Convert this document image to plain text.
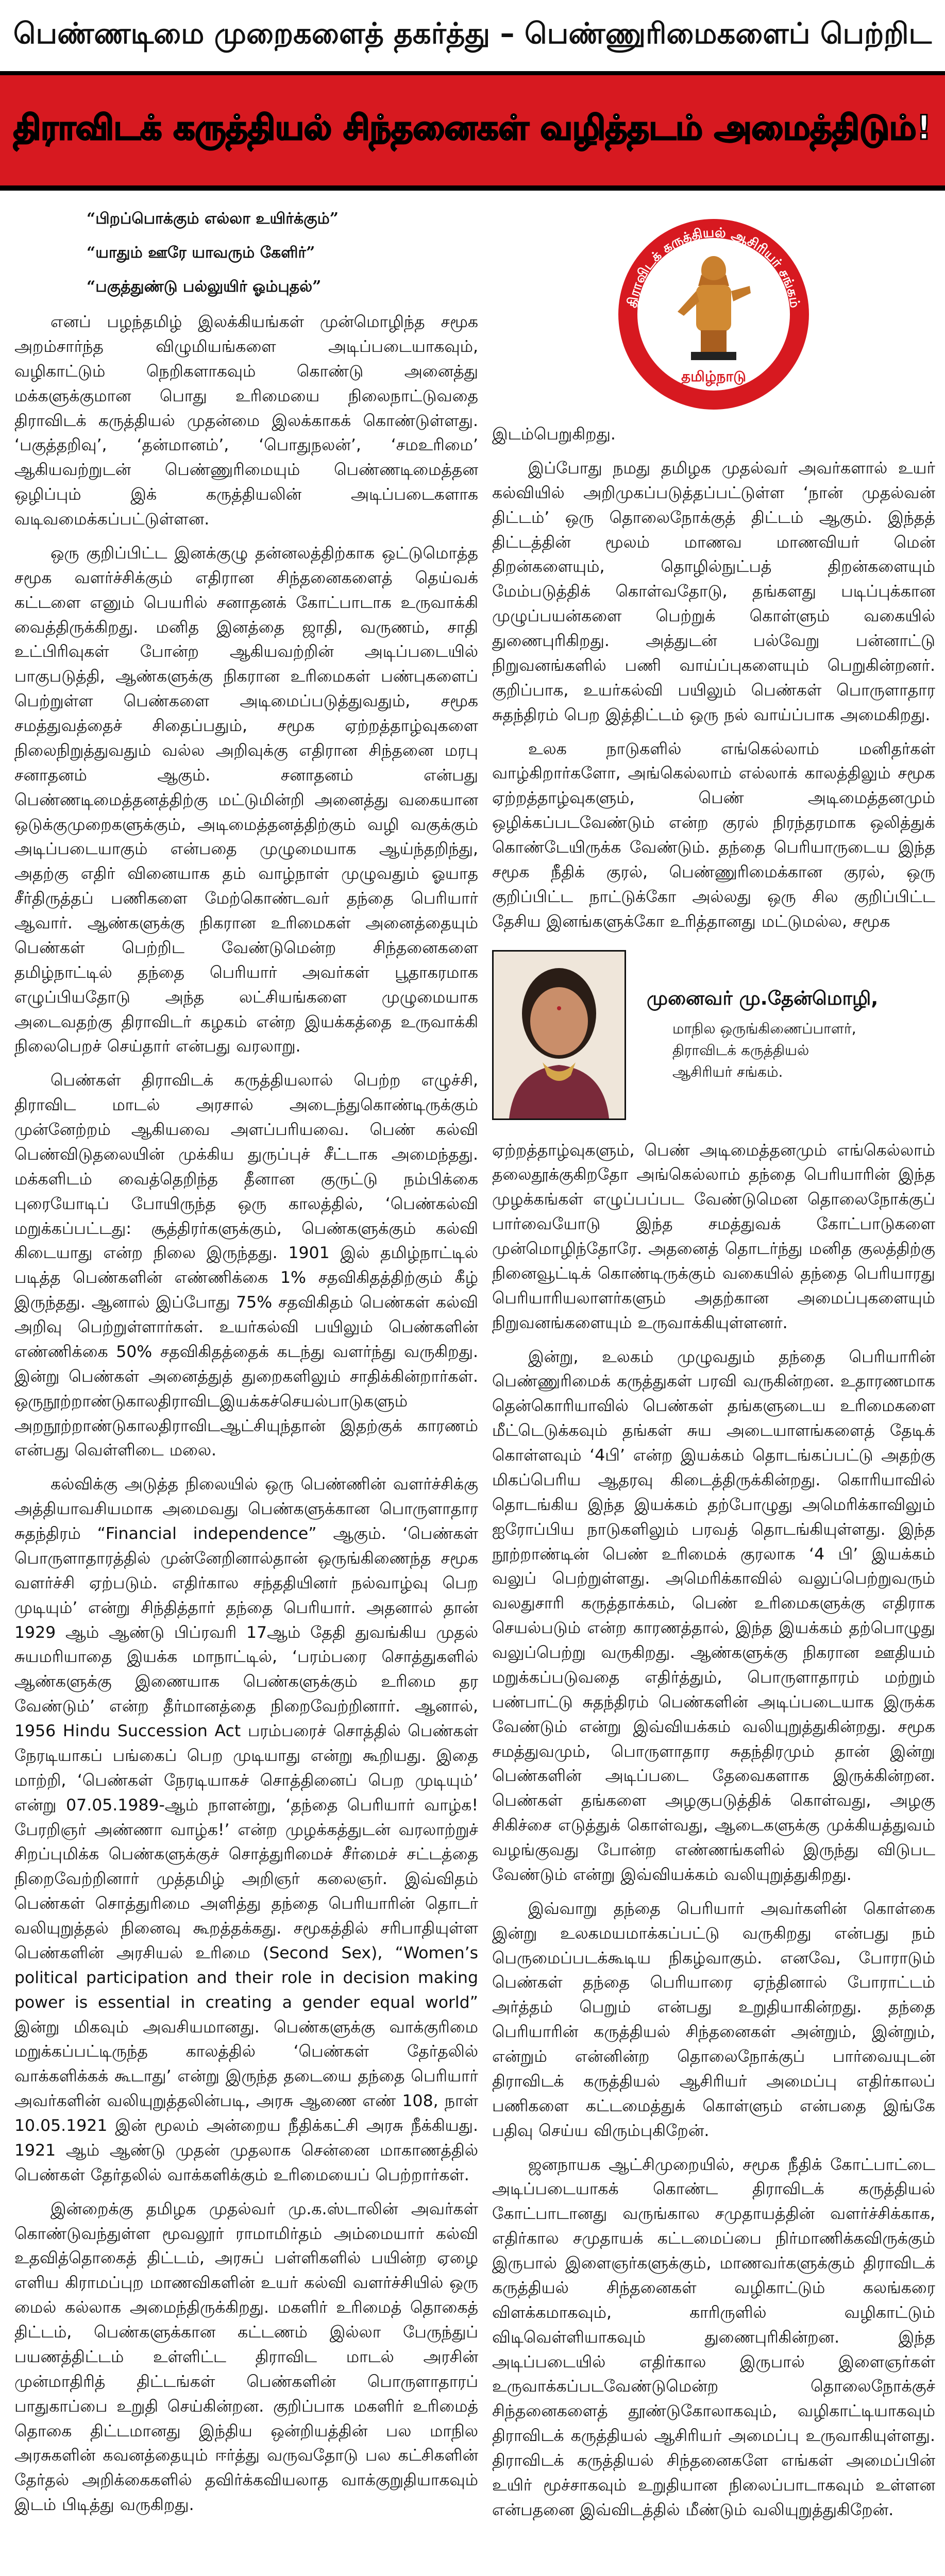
பெண்ணடிமை முறைகளைத் தகர்த்து – பெண்ணுரிமைகளைப் பெற்றிட
திராவிடக் கருத்தியல் சிந்தனைகள் வழித்தடம் அமைத்திடும்!
“பிறப்பொக்கும் எல்லா உயிர்க்கும்”
“யாதும் ஊரே யாவரும் கேளிர்”
“பகுத்துண்டு பல்லுயிர் ஓம்புதல்”

எனப் பழந்தமிழ் இலக்கியங்கள் முன்மொழிந்த சமூக அறம்சார்ந்த விழுமியங்களை அடிப்படையாகவும், வழிகாட்டும் நெறிகளாகவும் கொண்டு அனைத்து மக்களுக்குமான பொது உரிமையை நிலைநாட்டுவதை திராவிடக் கருத்தியல் முதன்மை இலக்காகக் கொண்டுள்ளது. ‘பகுத்தறிவு’, ‘தன்மானம்’, ‘பொதுநலன்’, ‘சமஉரிமை’ ஆகியவற்றுடன் பெண்ணுரிமையும் பெண்ணடிமைத்தன ஒழிப்பும் இக் கருத்தியலின் அடிப்படைகளாக வடிவமைக்கப்பட்டுள்ளன.

ஒரு குறிப்பிட்ட இனக்குழு தன்னலத்திற்காக ஒட்டுமொத்த சமூக வளர்ச்சிக்கும் எதிரான சிந்தனைகளைத் தெய்வக் கட்டளை எனும் பெயரில் சனாதனக் கோட்பாடாக உருவாக்கி வைத்திருக்கிறது. மனித இனத்தை ஜாதி, வருணம், சாதி உட்பிரிவுகள் போன்ற ஆகியவற்றின் அடிப்படையில் பாகுபடுத்தி, ஆண்களுக்கு நிகரான உரிமைகள் பண்புகளைப் பெற்றுள்ள பெண்களை அடிமைப்படுத்துவதும், சமூக சமத்துவத்தைச் சிதைப்பதும், சமூக ஏற்றத்தாழ்வுகளை நிலைநிறுத்துவதும் வல்ல அறிவுக்கு எதிரான சிந்தனை மரபு சனாதனம் ஆகும். சனாதனம் என்பது பெண்ணடிமைத்தனத்திற்கு மட்டுமின்றி அனைத்து வகையான ஒடுக்குமுறைகளுக்கும், அடிமைத்தனத்திற்கும் வழி வகுக்கும் அடிப்படையாகும் என்பதை முழுமையாக ஆய்ந்தறிந்து, அதற்கு எதிர் வினையாக தம் வாழ்நாள் முழுவதும் ஓயாத சீர்திருத்தப் பணிகளை மேற்கொண்டவர் தந்தை பெரியார் ஆவார். ஆண்களுக்கு நிகரான உரிமைகள் அனைத்தையும் பெண்கள் பெற்றிட வேண்டுமென்ற சிந்தனைகளை தமிழ்நாட்டில் தந்தை பெரியார் அவர்கள் பூதாகரமாக எழுப்பியதோடு அந்த லட்சியங்களை முழுமையாக அடைவதற்கு திராவிடர் கழகம் என்ற இயக்கத்தை உருவாக்கி நிலைபெறச் செய்தார் என்பது வரலாறு.

பெண்கள் திராவிடக் கருத்தியலால் பெற்ற எழுச்சி, திராவிட மாடல் அரசால் அடைந்துகொண்டிருக்கும் முன்னேற்றம் ஆகியவை அளப்பரியவை. பெண் கல்வி பெண்விடுதலையின் முக்கிய துருப்புச் சீட்டாக அமைந்தது. மக்களிடம் வைத்தெறிந்த தீனான குருட்டு நம்பிக்கை புரையோடிப் போயிருந்த ஒரு காலத்தில், ‘பெண்கல்வி மறுக்கப்பட்டது: சூத்திரர்களுக்கும், பெண்களுக்கும் கல்வி கிடையாது என்ற நிலை இருந்தது. 1901 இல் தமிழ்நாட்டில் படித்த பெண்களின் எண்ணிக்கை 1% சதவிகிதத்திற்கும் கீழ் இருந்தது. ஆனால் இப்போது 75% சதவிகிதம் பெண்கள் கல்வி அறிவு பெற்றுள்ளார்கள். உயர்கல்வி பயிலும் பெண்களின் எண்ணிக்கை 50% சதவிகிதத்தைக் கடந்து வளர்ந்து வருகிறது. இன்று பெண்கள் அனைத்துத் துறைகளிலும் சாதிக்கின்றார்கள். ஒருநூற்றாண்டுகாலதிராவிடஇயக்கச்செயல்பாடுகளும் அறநூற்றாண்டுகாலதிராவிடஆட்சியுந்தான் இதற்குக் காரணம் என்பது வெள்ளிடை மலை.

கல்விக்கு அடுத்த நிலையில் ஒரு பெண்ணின் வளர்ச்சிக்கு அத்தியாவசியமாக அமைவது பெண்களுக்கான பொருளாதார சுதந்திரம் “Financial independence” ஆகும். ‘பெண்கள் பொருளாதாரத்தில் முன்னேறினால்தான் ஒருங்கிணைந்த சமூக வளர்ச்சி ஏற்படும். எதிர்கால சந்ததியினர் நல்வாழ்வு பெற முடியும்’ என்று சிந்தித்தார் தந்தை பெரியார். அதனால் தான் 1929 ஆம் ஆண்டு பிப்ரவரி 17ஆம் தேதி துவங்கிய முதல் சுயமரியாதை இயக்க மாநாட்டில், ‘பரம்பரை சொத்துகளில் ஆண்களுக்கு இணையாக பெண்களுக்கும் உரிமை தர வேண்டும்’ என்ற தீர்மானத்தை நிறைவேற்றினார். ஆனால், 1956 Hindu Succession Act பரம்பரைச் சொத்தில் பெண்கள் நேரடியாகப் பங்கைப் பெற முடியாது என்று கூறியது. இதை மாற்றி, ‘பெண்கள் நேரடியாகச் சொத்தினைப் பெற முடியும்’ என்று 07.05.1989-ஆம் நாளன்று, ‘தந்தை பெரியார் வாழ்க! பேரறிஞர் அண்ணா வாழ்க!’ என்ற முழக்கத்துடன் வரலாற்றுச் சிறப்புமிக்க பெண்களுக்குச் சொத்துரிமைச் சீர்மைச் சட்டத்தை நிறைவேற்றினார் முத்தமிழ் அறிஞர் கலைஞர். இவ்விதம் பெண்கள் சொத்துரிமை அளித்து தந்தை பெரியாரின் தொடர் வலியுறுத்தல் நினைவு கூறத்தக்கது. சமூகத்தில் சரிபாதியுள்ள பெண்களின் அரசியல் உரிமை (Second Sex), “Women’s political participation and their role in decision making power is essential in creating a gender equal world” இன்று மிகவும் அவசியமானது. பெண்களுக்கு வாக்குரிமை மறுக்கப்பட்டிருந்த காலத்தில் ‘பெண்கள் தேர்தலில் வாக்களிக்கக் கூடாது’ என்று இருந்த தடையை தந்தை பெரியார் அவர்களின் வலியுறுத்தலின்படி, அரசு ஆணை எண் 108, நாள் 10.05.1921 இன் மூலம் அன்றைய நீதிக்கட்சி அரசு நீக்கியது. 1921 ஆம் ஆண்டு முதன் முதலாக சென்னை மாகாணத்தில் பெண்கள் தேர்தலில் வாக்களிக்கும் உரிமையைப் பெற்றார்கள்.

இன்றைக்கு தமிழக முதல்வர் மு.க.ஸ்டாலின் அவர்கள் கொண்டுவந்துள்ள மூவலூர் ராமாமிர்தம் அம்மையார் கல்வி உதவித்தொகைத் திட்டம், அரசுப் பள்ளிகளில் பயின்ற ஏழை எளிய கிராமப்புற மாணவிகளின் உயர் கல்வி வளர்ச்சியில் ஒரு மைல் கல்லாக அமைந்திருக்கிறது. மகளிர் உரிமைத் தொகைத் திட்டம், பெண்களுக்கான கட்டணம் இல்லா பேருந்துப் பயணத்திட்டம் உள்ளிட்ட திராவிட மாடல் அரசின் முன்மாதிரித் திட்டங்கள் பெண்களின் பொருளாதாரப் பாதுகாப்பை உறுதி செய்கின்றன. குறிப்பாக மகளிர் உரிமைத் தொகை திட்டமானது இந்திய ஒன்றியத்தின் பல மாநில அரசுகளின் கவனத்தையும் ஈர்த்து வருவதோடு பல கட்சிகளின் தேர்தல் அறிக்கைகளில் தவிர்க்கவியலாத வாக்குறுதியாகவும் இடம் பிடித்து வருகிறது.

திராவிடக் கருத்தியல் ஆசிரியர் சங்கம்
தமிழ்நாடு

இடம்பெறுகிறது.

இப்போது நமது தமிழக முதல்வர் அவர்களால் உயர் கல்வியில் அறிமுகப்படுத்தப்பட்டுள்ள ‘நான் முதல்வன் திட்டம்’ ஒரு தொலைநோக்குத் திட்டம் ஆகும். இந்தத் திட்டத்தின் மூலம் மாணவ மாணவியர் மென் திறன்களையும், தொழில்நுட்பத் திறன்களையும் மேம்படுத்திக் கொள்வதோடு, தங்களது படிப்புக்கான முழுப்பயன்களை பெற்றுக் கொள்ளும் வகையில் துணைபுரிகிறது. அத்துடன் பல்வேறு பன்னாட்டு நிறுவனங்களில் பணி வாய்ப்புகளையும் பெறுகின்றனர். குறிப்பாக, உயர்கல்வி பயிலும் பெண்கள் பொருளாதார சுதந்திரம் பெற இத்திட்டம் ஒரு நல் வாய்ப்பாக அமைகிறது.

உலக நாடுகளில் எங்கெல்லாம் மனிதர்கள் வாழ்கிறார்களோ, அங்கெல்லாம் எல்லாக் காலத்திலும் சமூக ஏற்றத்தாழ்வுகளும், பெண் அடிமைத்தனமும் ஒழிக்கப்படவேண்டும் என்ற குரல் நிரந்தரமாக ஒலித்துக் கொண்டேயிருக்க வேண்டும். தந்தை பெரியாருடைய இந்த சமூக நீதிக் குரல், பெண்ணுரிமைக்கான குரல், ஒரு குறிப்பிட்ட நாட்டுக்கோ அல்லது ஒரு சில குறிப்பிட்ட தேசிய இனங்களுக்கோ உரித்தானது மட்டுமல்ல, சமூக

முனைவர் மு.தேன்மொழி,
மாநில ஒருங்கிணைப்பாளர்,
திராவிடக் கருத்தியல்
ஆசிரியர் சங்கம்.

ஏற்றத்தாழ்வுகளும், பெண் அடிமைத்தனமும் எங்கெல்லாம் தலைதூக்குகிறதோ அங்கெல்லாம் தந்தை பெரியாரின் இந்த முழக்கங்கள் எழுப்பப்பட வேண்டுமென தொலைநோக்குப் பார்வையோடு இந்த சமத்துவக் கோட்பாடுகளை முன்மொழிந்தோரே. அதனைத் தொடர்ந்து மனித குலத்திற்கு நினைவூட்டிக் கொண்டிருக்கும் வகையில் தந்தை பெரியாரது பெரியாரியலாளர்களும் அதற்கான அமைப்புகளையும் நிறுவனங்களையும் உருவாக்கியுள்ளனர்.

இன்று, உலகம் முழுவதும் தந்தை பெரியாரின் பெண்ணுரிமைக் கருத்துகள் பரவி வருகின்றன. உதாரணமாக தென்கொரியாவில் பெண்கள் தங்களுடைய உரிமைகளை மீட்டெடுக்கவும் தங்கள் சுய அடையாளங்களைத் தேடிக் கொள்ளவும் ‘4பி’ என்ற இயக்கம் தொடங்கப்பட்டு அதற்கு மிகப்பெரிய ஆதரவு கிடைத்திருக்கின்றது. கொரியாவில் தொடங்கிய இந்த இயக்கம் தற்போழுது அமெரிக்காவிலும் ஐரோப்பிய நாடுகளிலும் பரவத் தொடங்கியுள்ளது. இந்த நூற்றாண்டின் பெண் உரிமைக் குரலாக ‘4 பி’ இயக்கம் வலுப் பெற்றுள்ளது. அமெரிக்காவில் வலுப்பெற்றுவரும் வலதுசாரி கருத்தாக்கம், பெண் உரிமைகளுக்கு எதிராக செயல்படும் என்ற காரணத்தால், இந்த இயக்கம் தற்பொழுது வலுப்பெற்று வருகிறது. ஆண்களுக்கு நிகரான ஊதியம் மறுக்கப்படுவதை எதிர்த்தும், பொருளாதாரம் மற்றும் பண்பாட்டு சுதந்திரம் பெண்களின் அடிப்படையாக இருக்க வேண்டும் என்று இவ்வியக்கம் வலியுறுத்துகின்றது. சமூக சமத்துவமும், பொருளாதார சுதந்திரமும் தான் இன்று பெண்களின் அடிப்படை தேவைகளாக இருக்கின்றன. பெண்கள் தங்களை அழகுபடுத்திக் கொள்வது, அழகு சிகிச்சை எடுத்துக் கொள்வது, ஆடைகளுக்கு முக்கியத்துவம் வழங்குவது போன்ற எண்ணங்களில் இருந்து விடுபட வேண்டும் என்று இவ்வியக்கம் வலியுறுத்துகிறது.

இவ்வாறு தந்தை பெரியார் அவர்களின் கொள்கை இன்று உலகமயமாக்கப்பட்டு வருகிறது என்பது நம் பெருமைப்படக்கூடிய நிகழ்வாகும். எனவே, போராடும் பெண்கள் தந்தை பெரியாரை ஏந்தினால் போராட்டம் அர்த்தம் பெறும் என்பது உறுதியாகின்றது. தந்தை பெரியாரின் கருத்தியல் சிந்தனைகள் அன்றும், இன்றும், என்றும் என்னின்ற தொலைநோக்குப் பார்வையுடன் திராவிடக் கருத்தியல் ஆசிரியர் அமைப்பு எதிர்காலப் பணிகளை கட்டமைத்துக் கொள்ளும் என்பதை இங்கே பதிவு செய்ய விரும்புகிறேன்.

ஜனநாயக ஆட்சிமுறையில், சமூக நீதிக் கோட்பாட்டை அடிப்படையாகக் கொண்ட திராவிடக் கருத்தியல் கோட்பாடானது வருங்கால சமுதாயத்தின் வளர்ச்சிக்காக, எதிர்கால சமுதாயக் கட்டமைப்பை நிர்மாணிக்கவிருக்கும் இருபால் இளைஞர்களுக்கும், மாணவர்களுக்கும் திராவிடக் கருத்தியல் சிந்தனைகள் வழிகாட்டும் கலங்கரை விளக்கமாகவும், காரிருளில் வழிகாட்டும் விடிவெள்ளியாகவும் துணைபுரிகின்றன. இந்த அடிப்படையில் எதிர்கால இருபால் இளைஞர்கள் உருவாக்கப்படவேண்டுமென்ற தொலைநோக்குச் சிந்தனைகளைத் தூண்டுகோலாகவும், வழிகாட்டியாகவும் திராவிடக் கருத்தியல் ஆசிரியர் அமைப்பு உருவாகியுள்ளது. திராவிடக் கருத்தியல் சிந்தனைகளே எங்கள் அமைப்பின் உயிர் மூச்சாகவும் உறுதியான நிலைப்பாடாகவும் உள்ளன என்பதனை இவ்விடத்தில் மீண்டும் வலியுறுத்துகிறேன்.
